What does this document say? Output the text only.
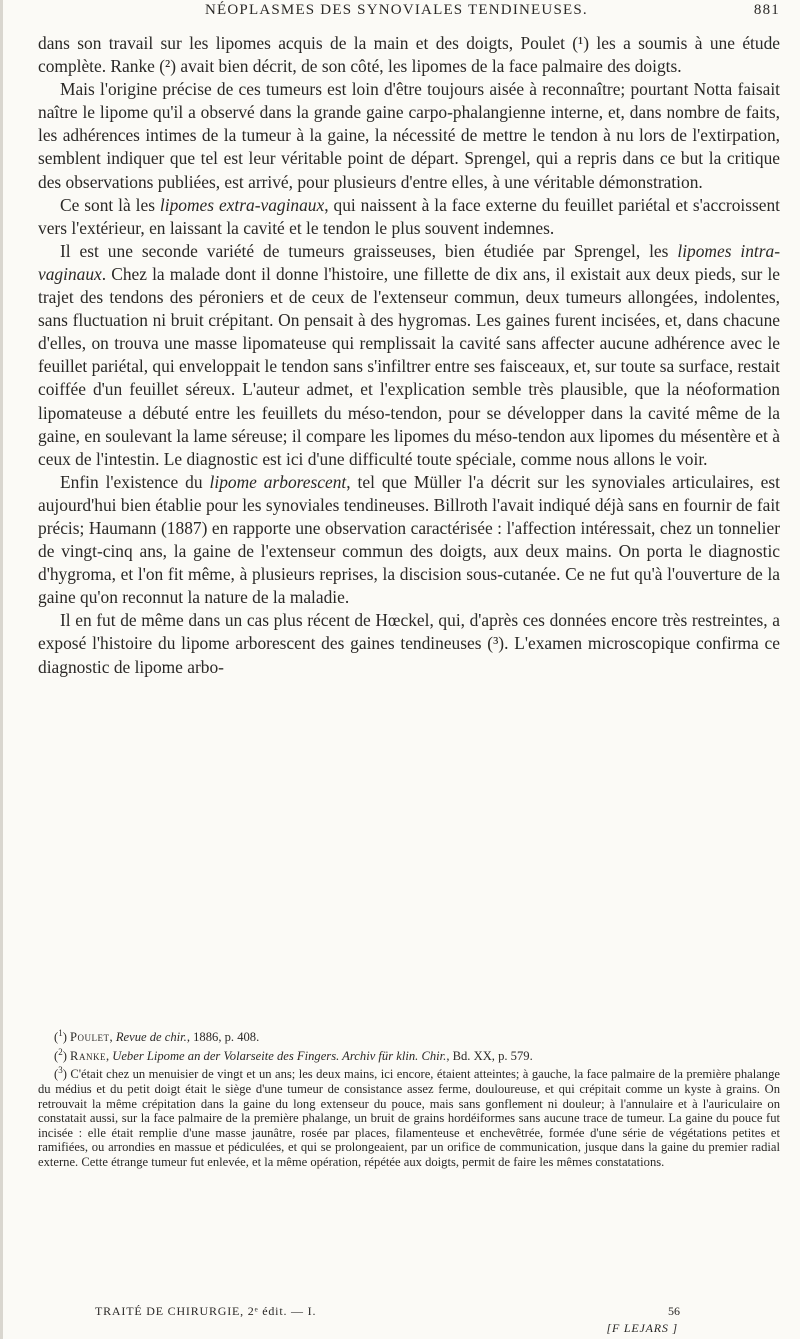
NÉOPLASMES DES SYNOVIALES TENDINEUSES.	881

dans son travail sur les lipomes acquis de la main et des doigts, Poulet (¹) les a soumis à une étude complète. Ranke (²) avait bien décrit, de son côté, les lipomes de la face palmaire des doigts.

Mais l'origine précise de ces tumeurs est loin d'être toujours aisée à reconnaître; pourtant Notta faisait naître le lipome qu'il a observé dans la grande gaine carpo-phalangienne interne, et, dans nombre de faits, les adhérences intimes de la tumeur à la gaine, la nécessité de mettre le tendon à nu lors de l'extirpation, semblent indiquer que tel est leur véritable point de départ. Sprengel, qui a repris dans ce but la critique des observations publiées, est arrivé, pour plusieurs d'entre elles, à une véritable démonstration.

Ce sont là les lipomes extra-vaginaux, qui naissent à la face externe du feuillet pariétal et s'accroissent vers l'extérieur, en laissant la cavité et le tendon le plus souvent indemnes.

Il est une seconde variété de tumeurs graisseuses, bien étudiée par Sprengel, les lipomes intra-vaginaux. Chez la malade dont il donne l'histoire, une fillette de dix ans, il existait aux deux pieds, sur le trajet des tendons des péroniers et de ceux de l'extenseur commun, deux tumeurs allongées, indolentes, sans fluctuation ni bruit crépitant. On pensait à des hygromas. Les gaines furent incisées, et, dans chacune d'elles, on trouva une masse lipomateuse qui remplissait la cavité sans affecter aucune adhérence avec le feuillet pariétal, qui enveloppait le tendon sans s'infiltrer entre ses faisceaux, et, sur toute sa surface, restait coiffée d'un feuillet séreux. L'auteur admet, et l'explication semble très plausible, que la néoformation lipomateuse a débuté entre les feuillets du méso-tendon, pour se développer dans la cavité même de la gaine, en soulevant la lame séreuse; il compare les lipomes du méso-tendon aux lipomes du mésentère et à ceux de l'intestin. Le diagnostic est ici d'une difficulté toute spéciale, comme nous allons le voir.

Enfin l'existence du lipome arborescent, tel que Müller l'a décrit sur les synoviales articulaires, est aujourd'hui bien établie pour les synoviales tendineuses. Billroth l'avait indiqué déjà sans en fournir de fait précis; Haumann (1887) en rapporte une observation caractérisée : l'affection intéressait, chez un tonnelier de vingt-cinq ans, la gaine de l'extenseur commun des doigts, aux deux mains. On porta le diagnostic d'hygroma, et l'on fit même, à plusieurs reprises, la discision sous-cutanée. Ce ne fut qu'à l'ouverture de la gaine qu'on reconnut la nature de la maladie.

Il en fut de même dans un cas plus récent de Hœckel, qui, d'après ces données encore très restreintes, a exposé l'histoire du lipome arborescent des gaines tendineuses (³). L'examen microscopique confirma ce diagnostic de lipome arbo-

($^1$) Poulet, Revue de chir., 1886, p. 408.

($^2$) Ranke, Ueber Lipome an der Volarseite des Fingers. Archiv für klin. Chir., Bd. XX, p. 579.

($^3$) C'était chez un menuisier de vingt et un ans; les deux mains, ici encore, étaient atteintes; à gauche, la face palmaire de la première phalange du médius et du petit doigt était le siège d'une tumeur de consistance assez ferme, douloureuse, et qui crépitait comme un kyste à grains. On retrouvait la même crépitation dans la gaine du long extenseur du pouce, mais sans gonflement ni douleur; à l'annulaire et à l'auriculaire on constatait aussi, sur la face palmaire de la première phalange, un bruit de grains hordéiformes sans aucune trace de tumeur. La gaine du pouce fut incisée : elle était remplie d'une masse jaunâtre, rosée par places, filamenteuse et enchevêtrée, formée d'une série de végétations petites et ramifiées, ou arrondies en massue et pédiculées, et qui se prolongeaient, par un orifice de communication, jusque dans la gaine du premier radial externe. Cette étrange tumeur fut enlevée, et la même opération, répétée aux doigts, permit de faire les mêmes constatations.

TRAITÉ DE CHIRURGIE, 2ᵉ édit. — I.	56
[F LEJARS ]
